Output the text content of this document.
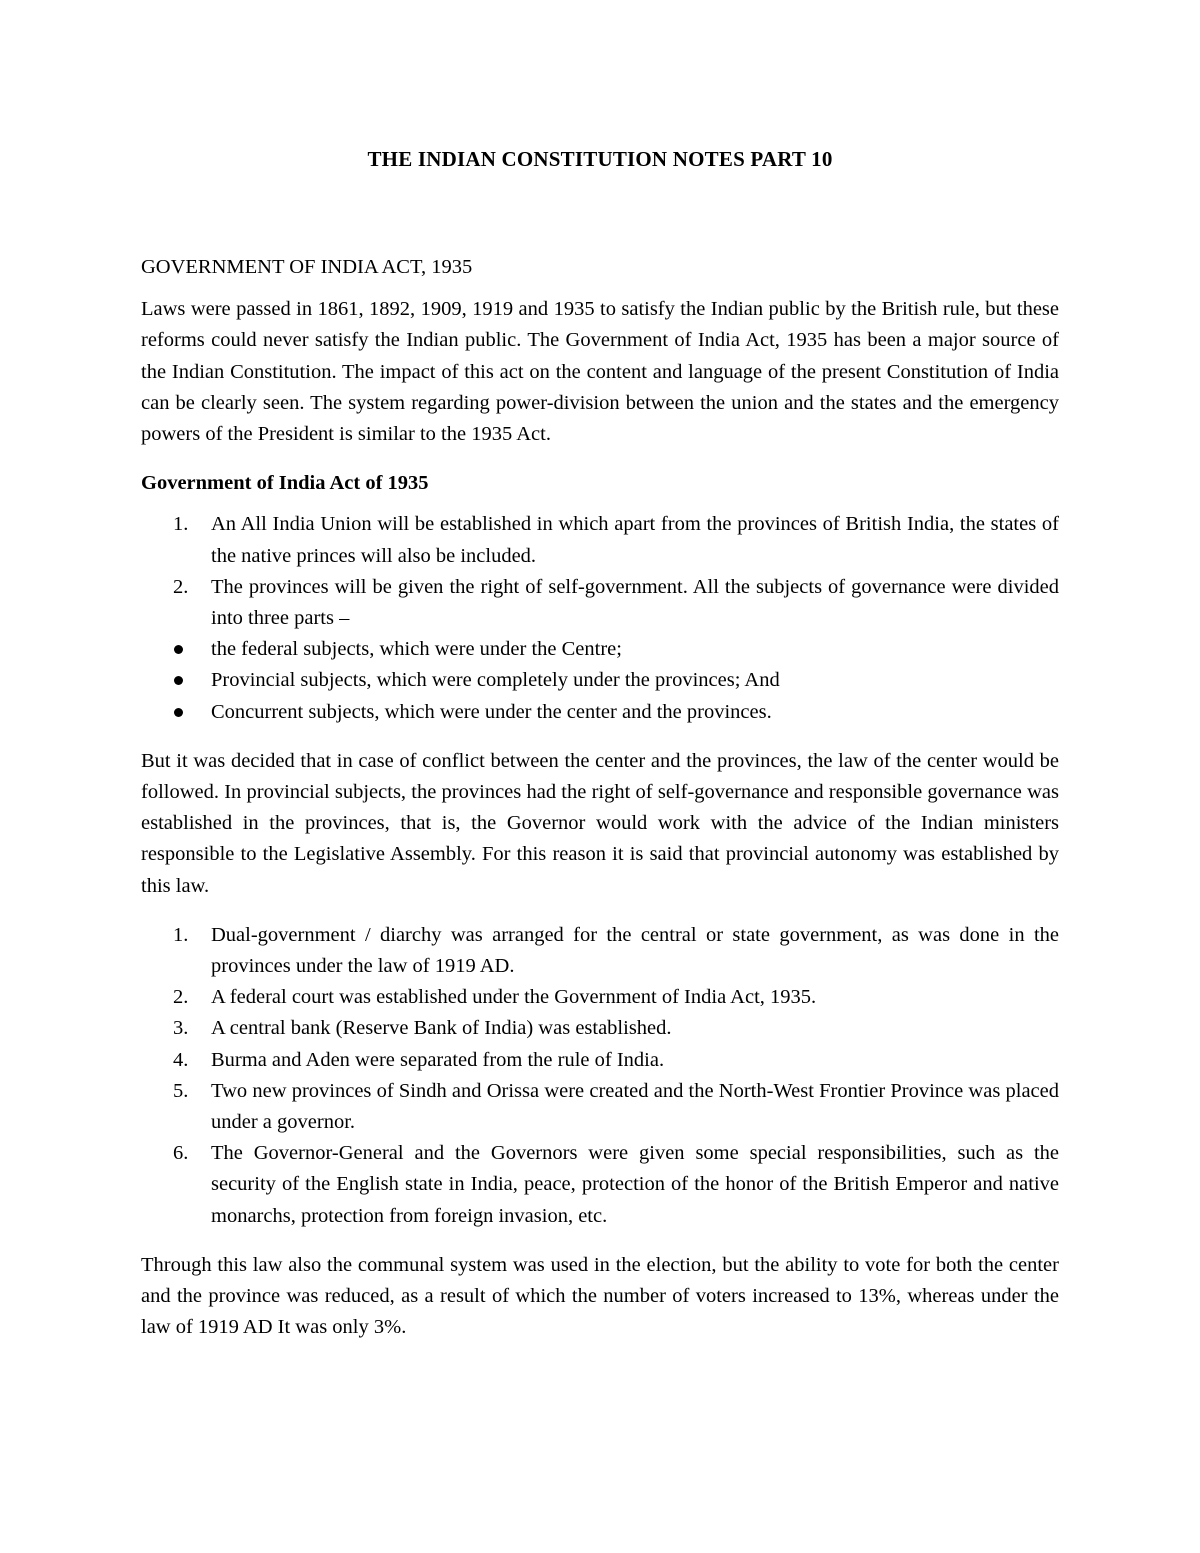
THE INDIAN CONSTITUTION NOTES PART 10
GOVERNMENT OF INDIA ACT, 1935

Laws were passed in 1861, 1892, 1909, 1919 and 1935 to satisfy the Indian public by the British rule, but these reforms could never satisfy the Indian public. The Government of India Act, 1935 has been a major source of the Indian Constitution. The impact of this act on the content and language of the present Constitution of India can be clearly seen. The system regarding power-division between the union and the states and the emergency powers of the President is similar to the 1935 Act.

Government of India Act of 1935
1. An All India Union will be established in which apart from the provinces of British India, the states of the native princes will also be included.
2. The provinces will be given the right of self-government. All the subjects of governance were divided into three parts –
the federal subjects, which were under the Centre;
Provincial subjects, which were completely under the provinces; And
Concurrent subjects, which were under the center and the provinces.

But it was decided that in case of conflict between the center and the provinces, the law of the center would be followed. In provincial subjects, the provinces had the right of self-governance and responsible governance was established in the provinces, that is, the Governor would work with the advice of the Indian ministers responsible to the Legislative Assembly. For this reason it is said that provincial autonomy was established by this law.

1. Dual-government / diarchy was arranged for the central or state government, as was done in the provinces under the law of 1919 AD.
2. A federal court was established under the Government of India Act, 1935.
3. A central bank (Reserve Bank of India) was established.
4. Burma and Aden were separated from the rule of India.
5. Two new provinces of Sindh and Orissa were created and the North-West Frontier Province was placed under a governor.
6. The Governor-General and the Governors were given some special responsibilities, such as the security of the English state in India, peace, protection of the honor of the British Emperor and native monarchs, protection from foreign invasion, etc.

Through this law also the communal system was used in the election, but the ability to vote for both the center and the province was reduced, as a result of which the number of voters increased to 13%, whereas under the law of 1919 AD It was only 3%.
